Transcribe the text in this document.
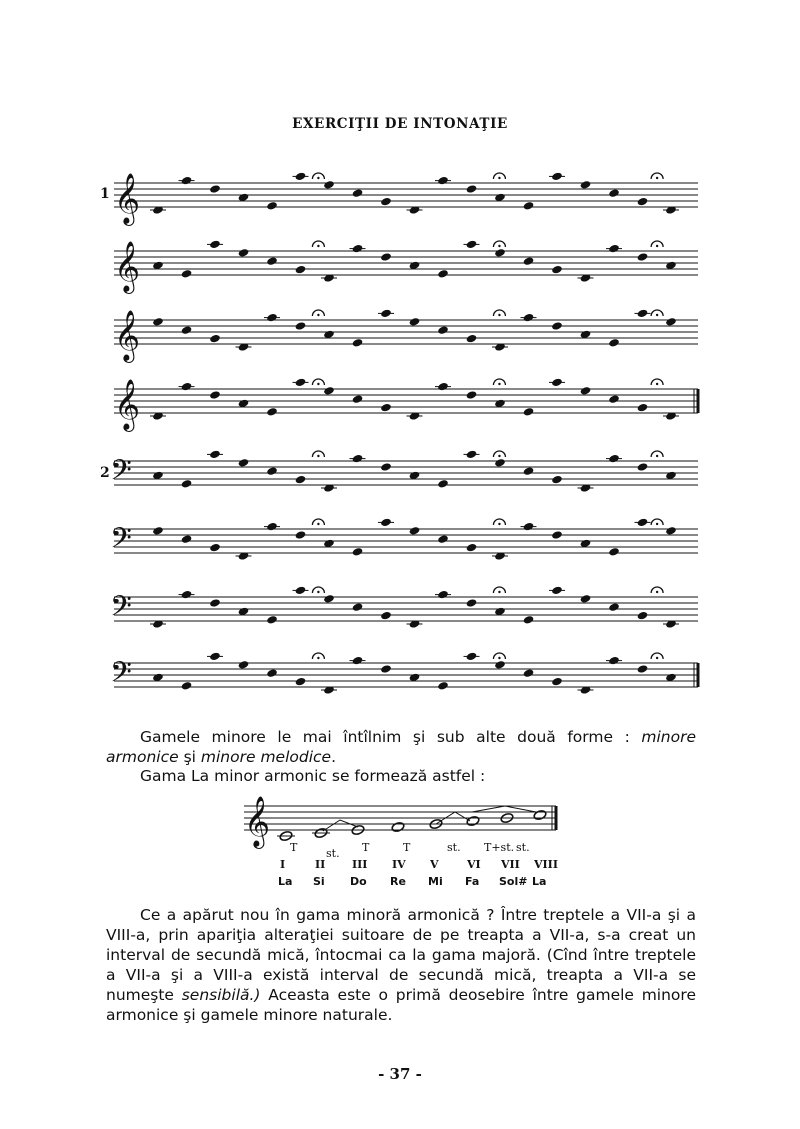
EXERCIŢII DE INTONAŢIE
𝄞
𝄞
𝄞
𝄞
𝄢
𝄢
𝄢
𝄢
𝄞
1
2
Gamele minore le mai întîlnim şi sub alte două forme : minore armonice şi minore melodice.
Gama La minor armonic se formează astfel :
T	st. T	T	st. T+st. st.
I	II III IV V	VI VII VIII
La Si Do Re Mi Fa Sol# La
Ce a apărut nou în gama minoră armonică ? Între treptele a VII-a şi a VIII-a, prin apariţia alteraţiei suitoare de pe treapta a VII-a, s-a creat un interval de secundă mică, întocmai ca la gama majoră. (Cînd între treptele a VII-a şi a VIII-a există interval de secundă mică, treapta a VII-a se numeşte sensibilă.) Aceasta este o primă deosebire între gamele minore armonice şi gamele minore naturale.
- 37 -
